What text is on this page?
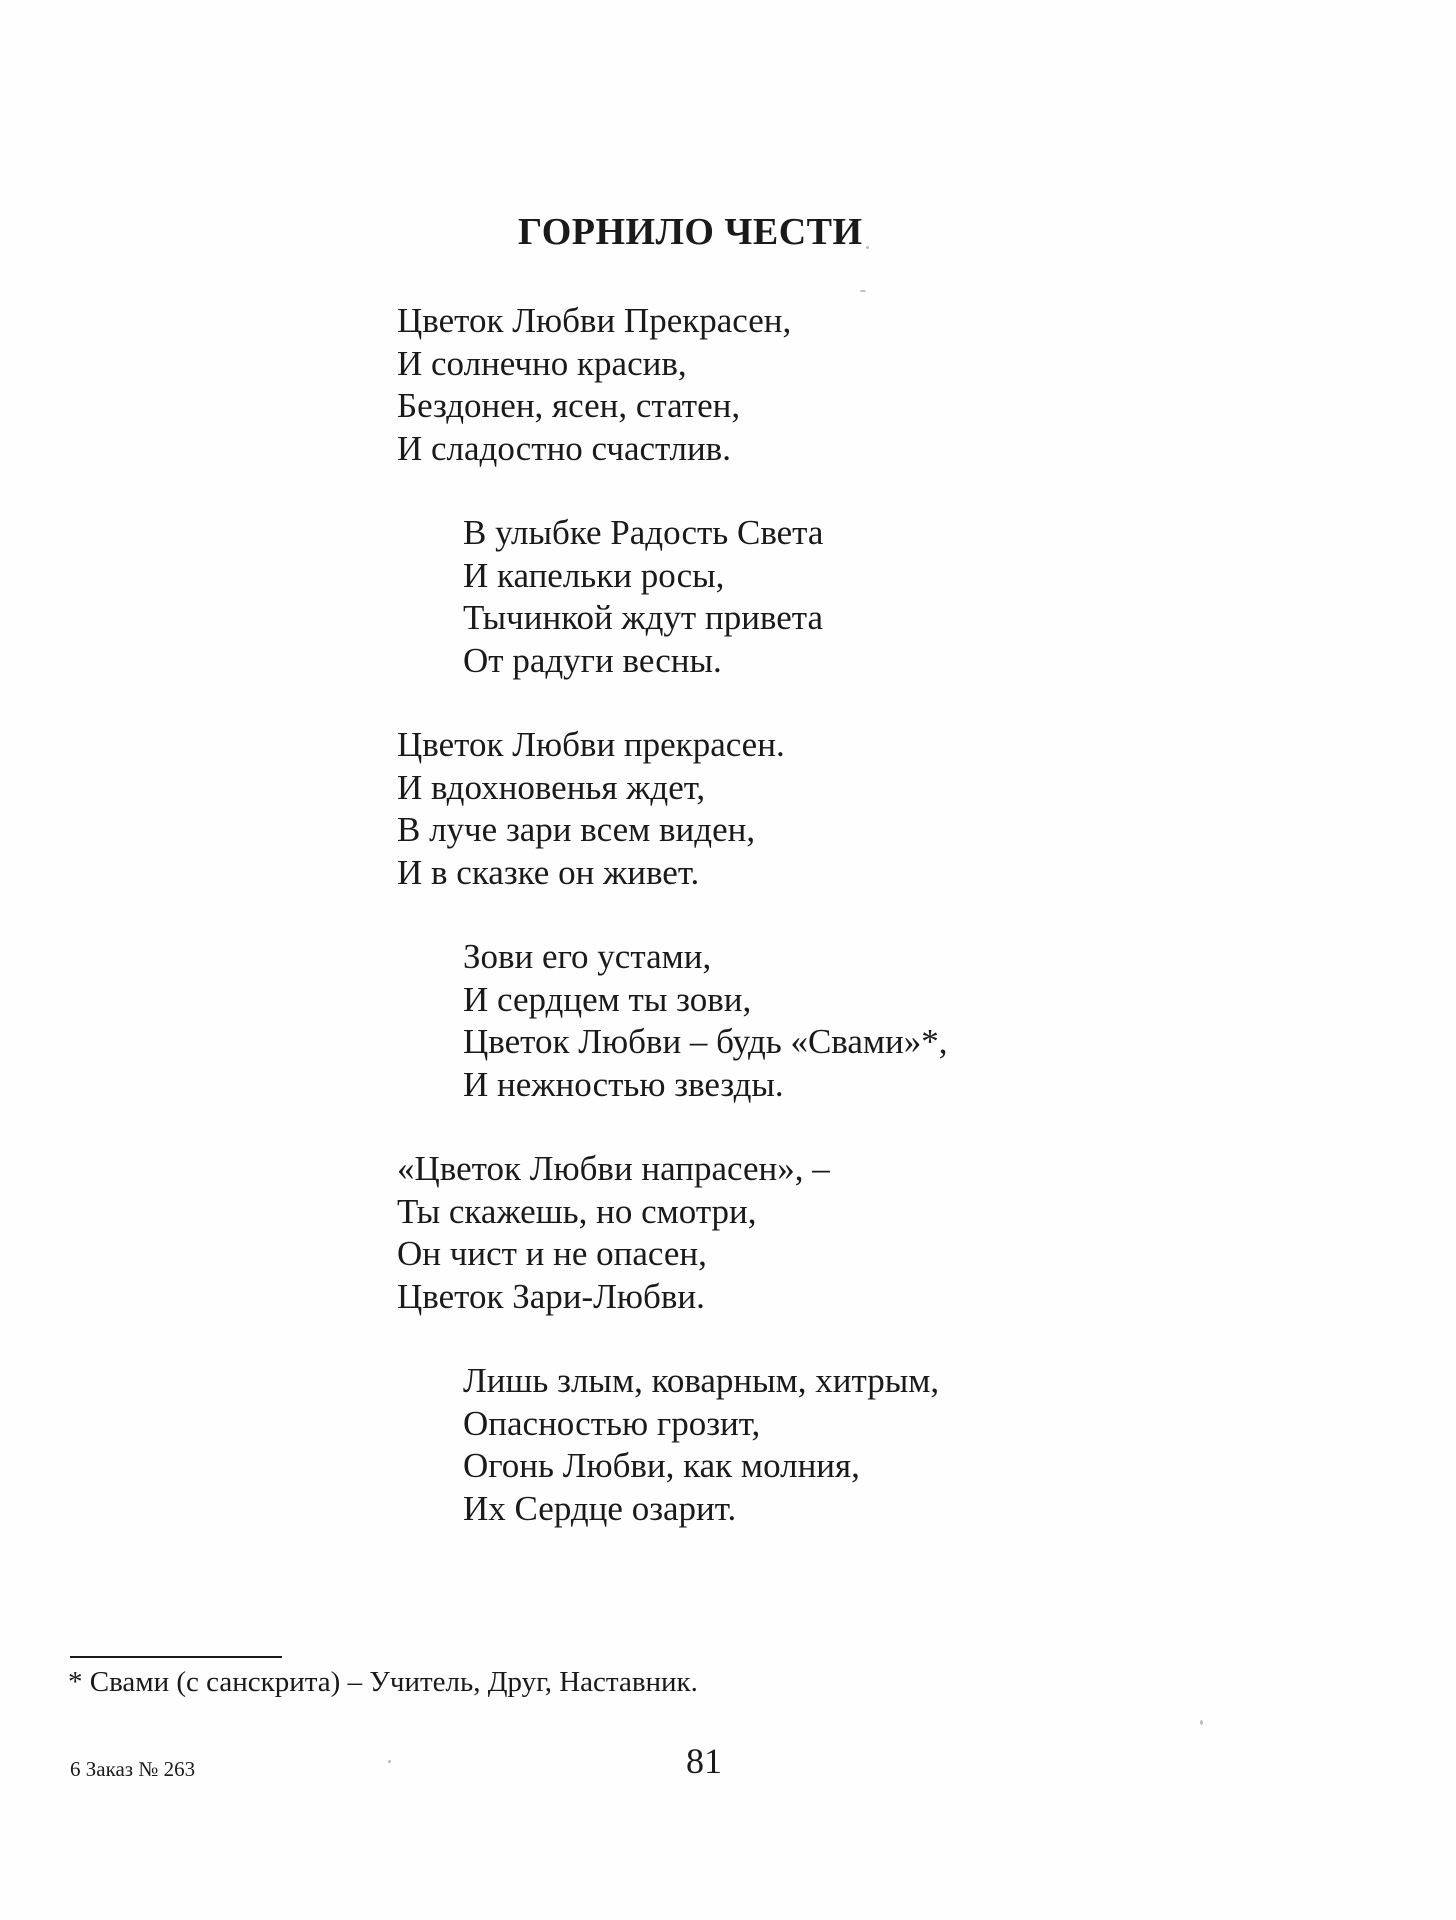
ГОРНИЛО ЧЕСТИ
Цветок Любви Прекрасен,
И солнечно красив,
Бездонен, ясен, статен,
И сладостно счастлив.
В улыбке Радость Света
И капельки росы,
Тычинкой ждут привета
От радуги весны.
Цветок Любви прекрасен.
И вдохновенья ждет,
В луче зари всем виден,
И в сказке он живет.
Зови его устами,
И сердцем ты зови,
Цветок Любви – будь «Свами»*,
И нежностью звезды.
«Цветок Любви напрасен», –
Ты скажешь, но смотри,
Он чист и не опасен,
Цветок Зари-Любви.
Лишь злым, коварным, хитрым,
Опасностью грозит,
Огонь Любви, как молния,
Их Сердце озарит.
* Свами (с санскрита) – Учитель, Друг, Наставник.
81
6 Заказ № 263
